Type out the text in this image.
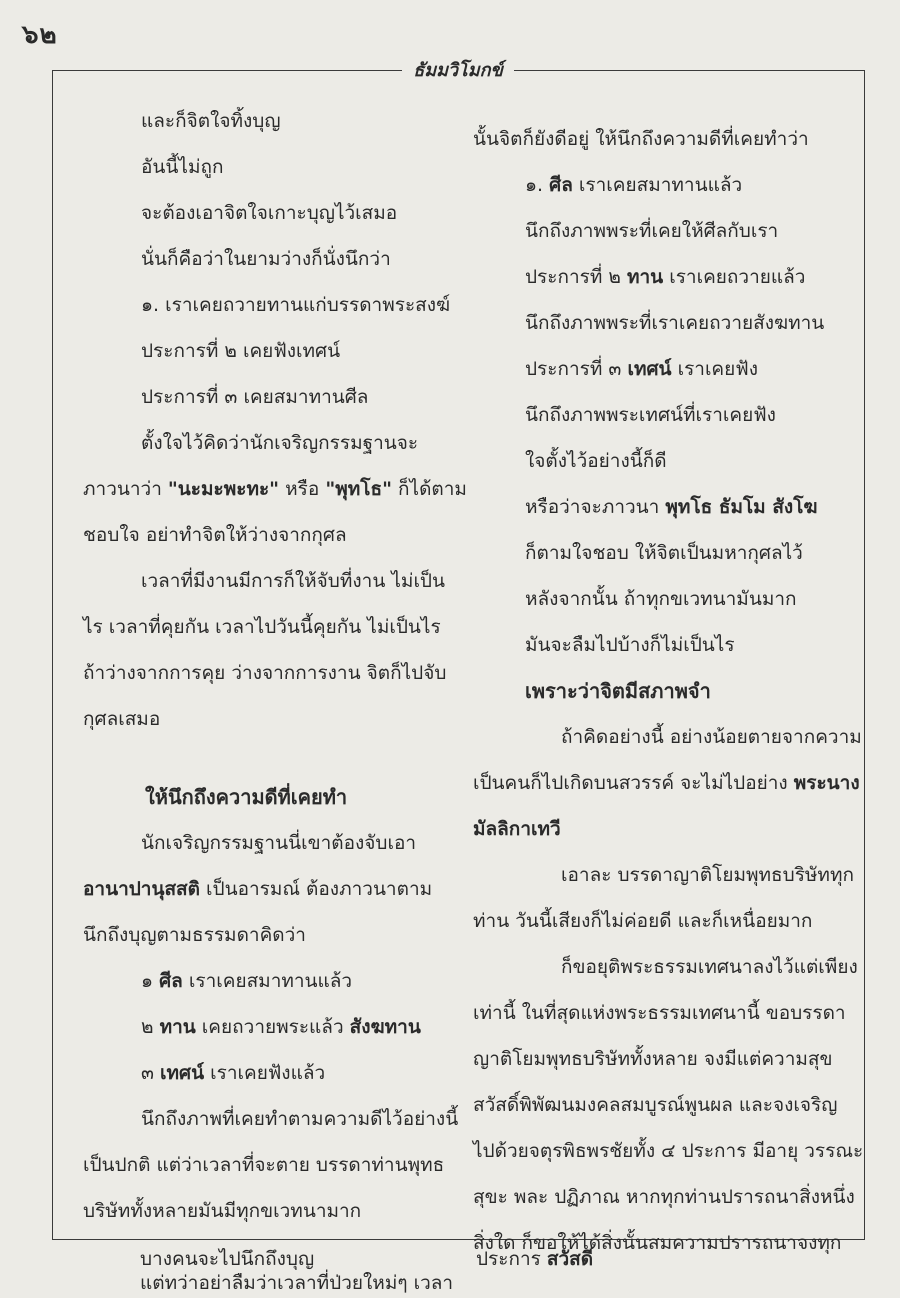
๖๒
ธัมมวิโมกข์
และก็จิตใจทิ้งบุญ
อันนี้ไม่ถูก
จะต้องเอาจิตใจเกาะบุญไว้เสมอ
นั่นก็คือว่าในยามว่างก็นั่งนึกว่า
๑. เราเคยถวายทานแก่บรรดาพระสงฆ์
ประการที่ ๒ เคยฟังเทศน์
ประการที่ ๓ เคยสมาทานศีล
ตั้งใจไว้คิดว่านักเจริญกรรมฐานจะ
ภาวนาว่า "นะมะพะทะ" หรือ "พุทโธ" ก็ได้ตาม
ชอบใจ อย่าทำจิตให้ว่างจากกุศล
เวลาที่มีงานมีการก็ให้จับที่งาน ไม่เป็น
ไร เวลาที่คุยกัน เวลาไปวันนี้คุยกัน ไม่เป็นไร
ถ้าว่างจากการคุย ว่างจากการงาน จิตก็ไปจับ
กุศลเสมอ
ให้นึกถึงความดีที่เคยทำ
นักเจริญกรรมฐานนี่เขาต้องจับเอา
อานาปานุสสติ เป็นอารมณ์ ต้องภาวนาตาม
นึกถึงบุญตามธรรมดาคิดว่า
๑ ศีล เราเคยสมาทานแล้ว
๒ ทาน เคยถวายพระแล้ว สังฆทาน
๓ เทศน์ เราเคยฟังแล้ว
นึกถึงภาพที่เคยทำตามความดีไว้อย่างนี้
เป็นปกติ แต่ว่าเวลาที่จะตาย บรรดาท่านพุทธ
บริษัททั้งหลายมันมีทุกขเวทนามาก
นั้นจิตก็ยังดีอยู่ ให้นึกถึงความดีที่เคยทำว่า
๑. ศีล เราเคยสมาทานแล้ว
นึกถึงภาพพระที่เคยให้ศีลกับเรา
ประการที่ ๒ ทาน เราเคยถวายแล้ว
นึกถึงภาพพระที่เราเคยถวายสังฆทาน
ประการที่ ๓ เทศน์ เราเคยฟัง
นึกถึงภาพพระเทศน์ที่เราเคยฟัง
ใจตั้งไว้อย่างนี้ก็ดี
หรือว่าจะภาวนา พุทโธ ธัมโม สังโฆ
ก็ตามใจชอบ ให้จิตเป็นมหากุศลไว้
หลังจากนั้น ถ้าทุกขเวทนามันมาก
มันจะลืมไปบ้างก็ไม่เป็นไร
เพราะว่าจิตมีสภาพจำ
ถ้าคิดอย่างนี้ อย่างน้อยตายจากความ
เป็นคนก็ไปเกิดบนสวรรค์ จะไม่ไปอย่าง พระนาง
มัลลิกาเทวี
เอาละ บรรดาญาติโยมพุทธบริษัททุก
ท่าน วันนี้เสียงก็ไม่ค่อยดี และก็เหนื่อยมาก
ก็ขอยุติพระธรรมเทศนาลงไว้แต่เพียง
เท่านี้ ในที่สุดแห่งพระธรรมเทศนานี้ ขอบรรดา
ญาติโยมพุทธบริษัททั้งหลาย จงมีแต่ความสุข
สวัสดิ์พิพัฒนมงคลสมบูรณ์พูนผล และจงเจริญ
ไปด้วยจตุรพิธพรชัยทั้ง ๔ ประการ มีอายุ วรรณะ
สุขะ พละ ปฏิภาณ หากทุกท่านปรารถนาสิ่งหนึ่ง
สิ่งใด ก็ขอให้ได้สิ่งนั้นสมความปรารถนาจงทุก
บางคนจะไปนึกถึงบุญ	ประการ สวัสดี
แต่ทว่าอย่าลืมว่าเวลาที่ป่วยใหม่ๆ เวลา
